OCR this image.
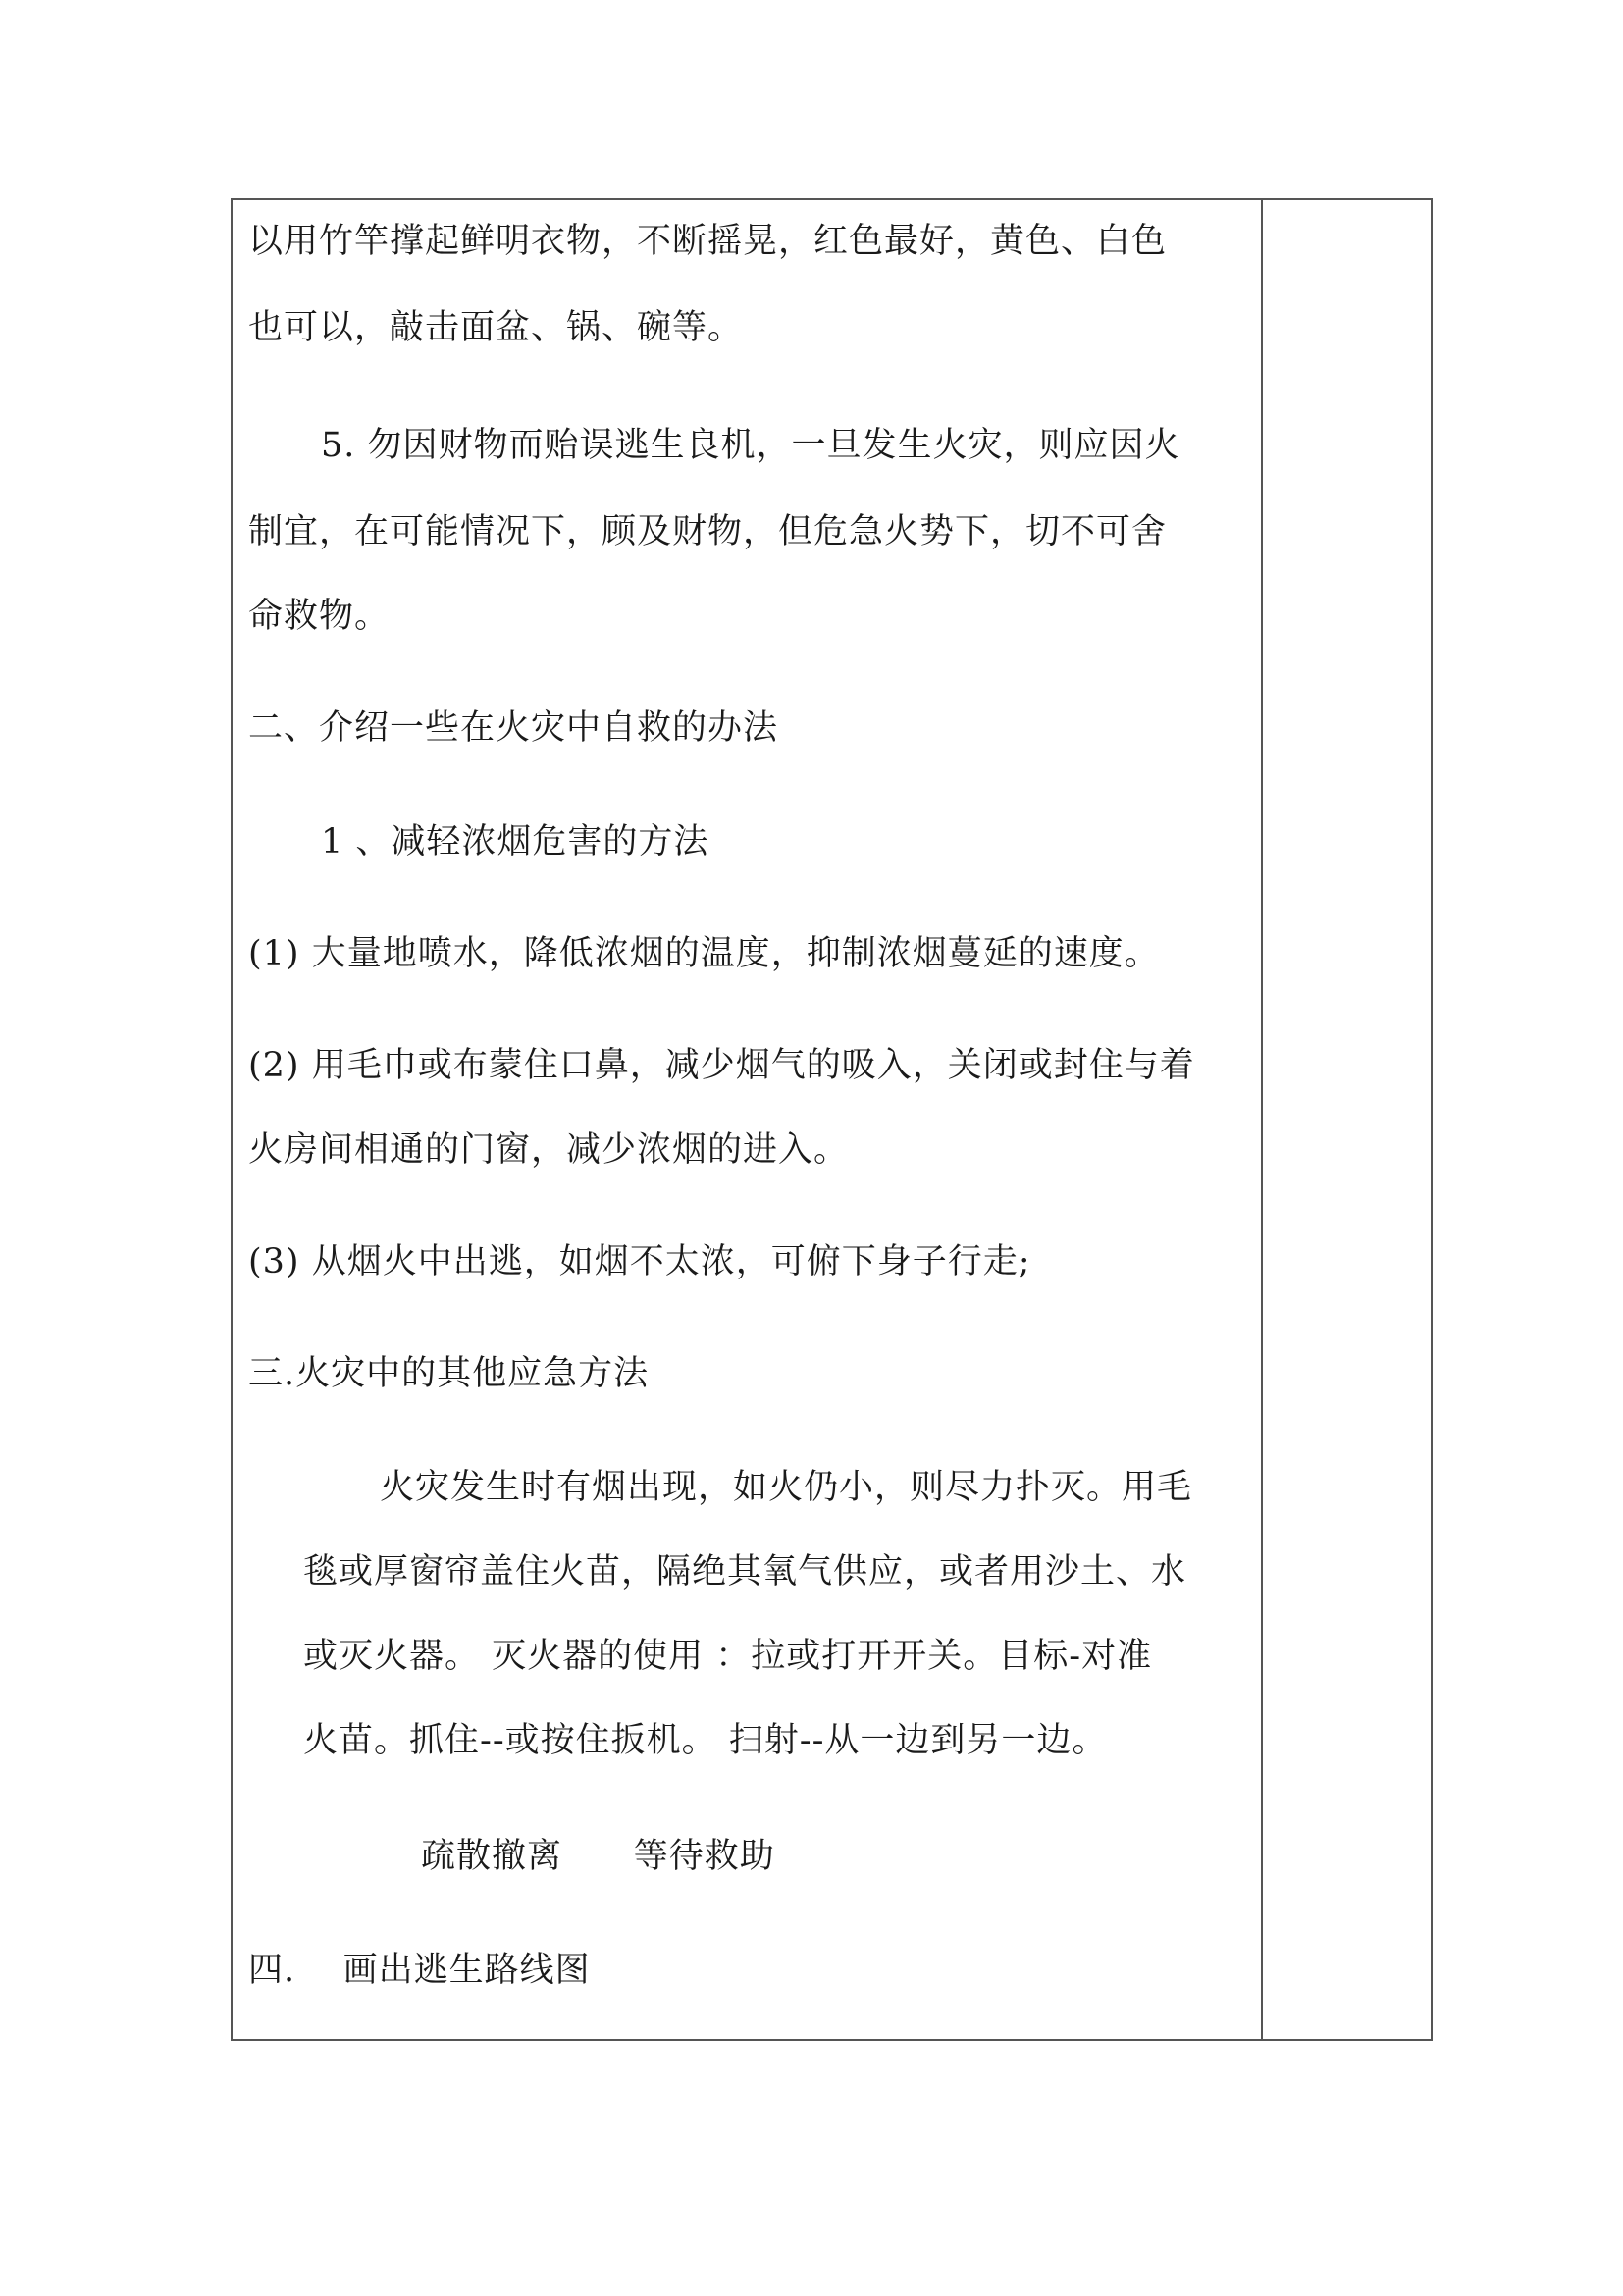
以用竹竿撑起鲜明衣物，不断摇晃，红色最好，黄色、白色
也可以，敲击面盆、锅、碗等。
5. 勿因财物而贻误逃生良机，一旦发生火灾，则应因火
制宜，在可能情况下，顾及财物，但危急火势下，切不可舍
命救物。
二、介绍一些在火灾中自救的办法
1 、减轻浓烟危害的方法
(1) 大量地喷水，降低浓烟的温度，抑制浓烟蔓延的速度。
(2) 用毛巾或布蒙住口鼻，减少烟气的吸入，关闭或封住与着
火房间相通的门窗，减少浓烟的进入。
(3) 从烟火中出逃，如烟不太浓，可俯下身子行走;
三.火灾中的其他应急方法
火灾发生时有烟出现，如火仍小，则尽力扑灭。用毛
毯或厚窗帘盖住火苗，隔绝其氧气供应，或者用沙土、水
或灭火器。 灭火器的使用 ：拉或打开开关。目标-对准
火苗。抓住--或按住扳机。 扫射--从一边到另一边。
疏散撤离      等待救助
四.    画出逃生路线图
